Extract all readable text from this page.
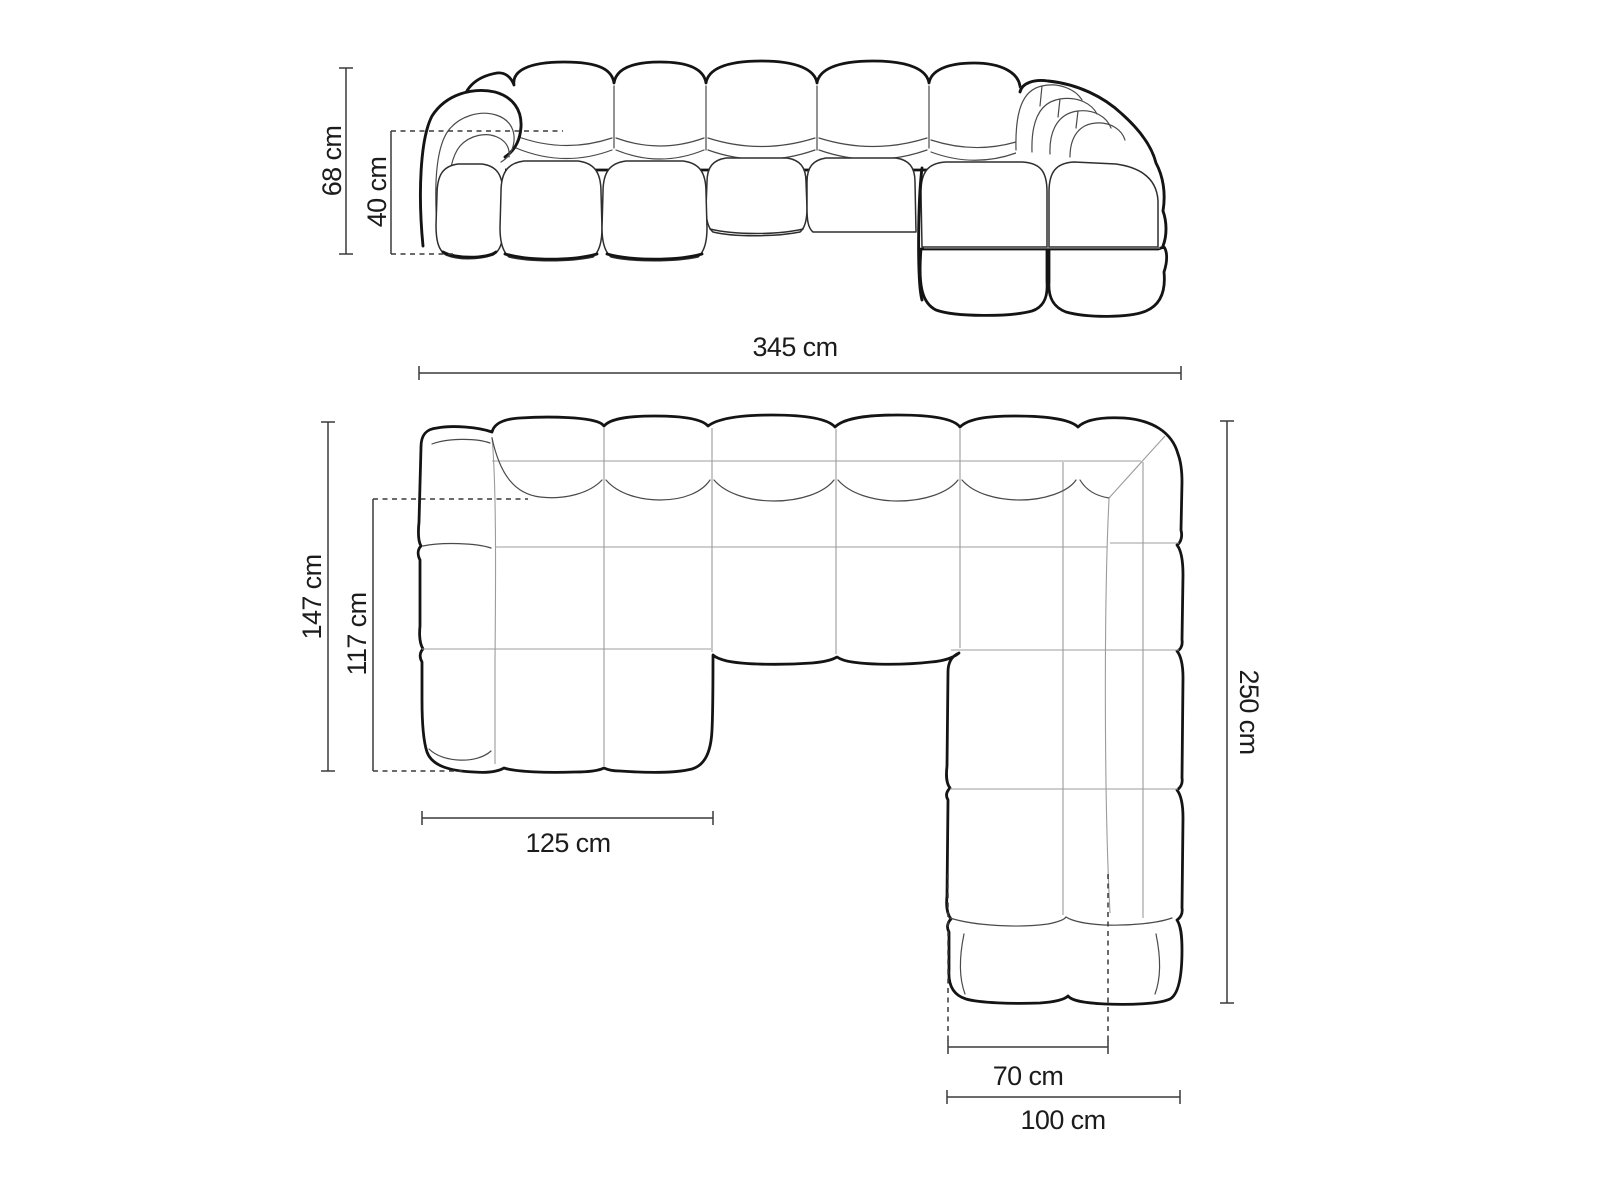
68 cm 40 cm
345 cm
147 cm 117 cm
125 cm
250 cm
70 cm
100 cm
